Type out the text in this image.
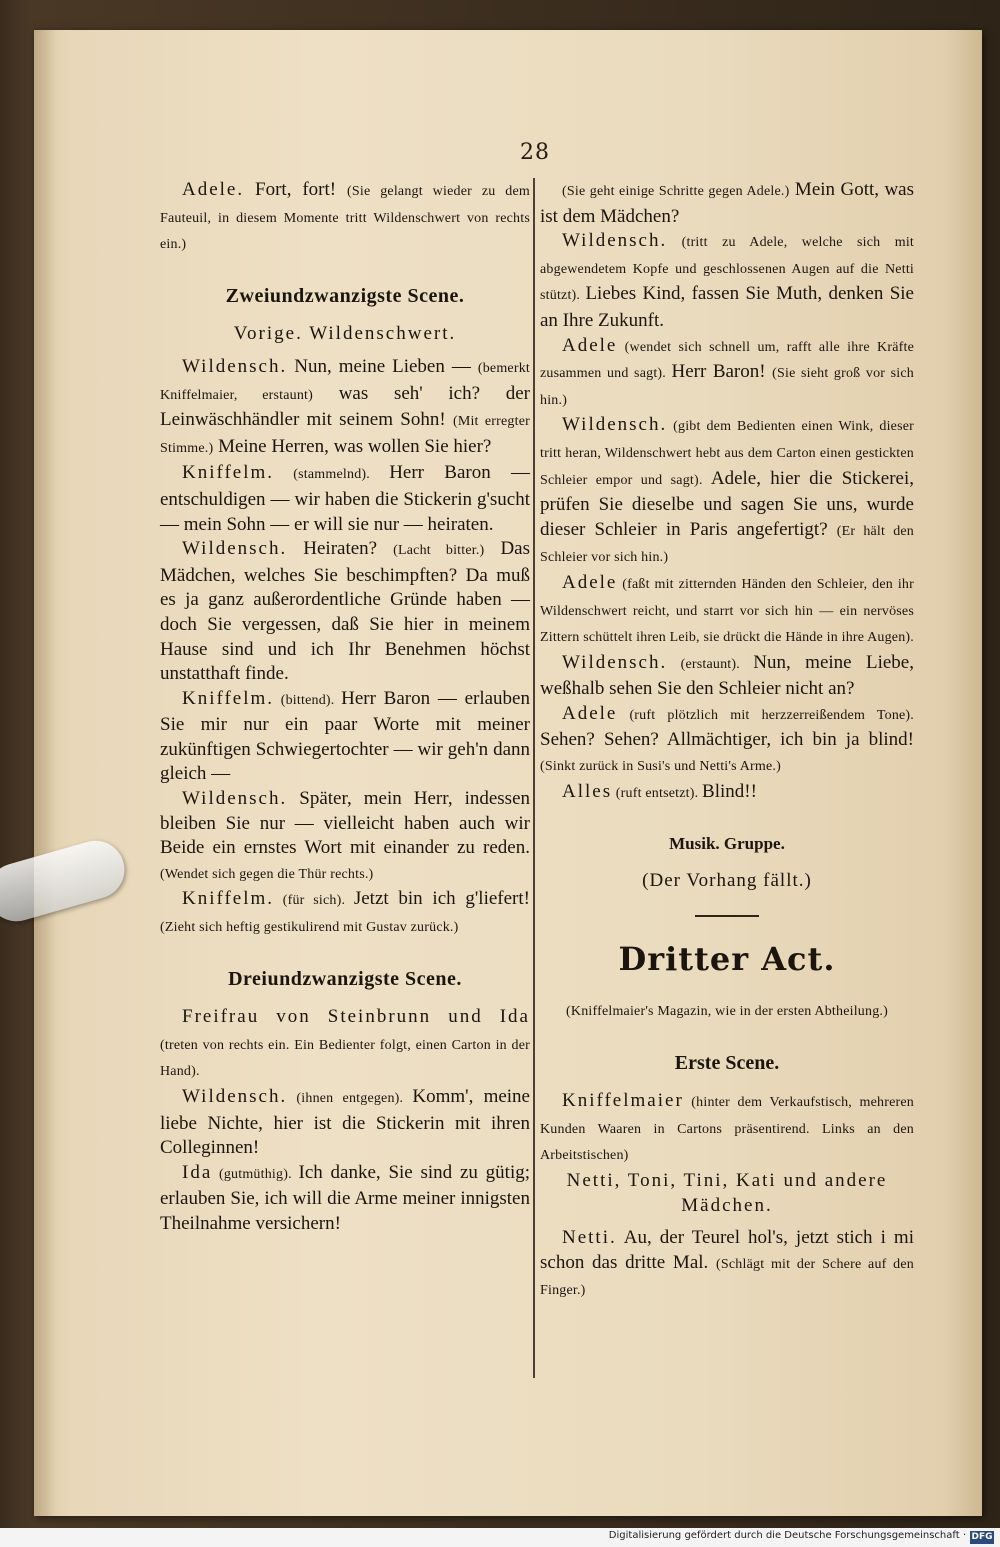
28

Adele. Fort, fort! (Sie gelangt wieder zu dem Fauteuil, in diesem Momente tritt Wildenschwert von rechts ein.)

Zweiundzwanzigste Scene.

Vorige. Wildenschwert.

Wildensch. Nun, meine Lieben — (bemerkt Kniffelmaier, erstaunt) was seh' ich? der Leinwäschhändler mit seinem Sohn! (Mit erregter Stimme.) Meine Herren, was wollen Sie hier?

Kniffelm. (stammelnd). Herr Baron — entschuldigen — wir haben die Stickerin g'sucht — mein Sohn — er will sie nur — heiraten.

Wildensch. Heiraten? (Lacht bitter.) Das Mädchen, welches Sie beschimpften? Da muß es ja ganz außerordentliche Gründe haben — doch Sie vergessen, daß Sie hier in meinem Hause sind und ich Ihr Benehmen höchst unstatthaft finde.

Kniffelm. (bittend). Herr Baron — erlauben Sie mir nur ein paar Worte mit meiner zukünftigen Schwiegertochter — wir geh'n dann gleich —

Wildensch. Später, mein Herr, indessen bleiben Sie nur — vielleicht haben auch wir Beide ein ernstes Wort mit einander zu reden. (Wendet sich gegen die Thür rechts.)

Kniffelm. (für sich). Jetzt bin ich g'liefert! (Zieht sich heftig gestikulirend mit Gustav zurück.)

Dreiundzwanzigste Scene.

Freifrau von Steinbrunn und Ida (treten von rechts ein. Ein Bedienter folgt, einen Carton in der Hand).

Wildensch. (ihnen entgegen). Komm', meine liebe Nichte, hier ist die Stickerin mit ihren Colleginnen!

Ida (gutmüthig). Ich danke, Sie sind zu gütig; erlauben Sie, ich will die Arme meiner innigsten Theilnahme versichern!

(Sie geht einige Schritte gegen Adele.) Mein Gott, was ist dem Mädchen?

Wildensch. (tritt zu Adele, welche sich mit abgewendetem Kopfe und geschlossenen Augen auf die Netti stützt). Liebes Kind, fassen Sie Muth, denken Sie an Ihre Zukunft.

Adele (wendet sich schnell um, rafft alle ihre Kräfte zusammen und sagt). Herr Baron! (Sie sieht groß vor sich hin.)

Wildensch. (gibt dem Bedienten einen Wink, dieser tritt heran, Wildenschwert hebt aus dem Carton einen gestickten Schleier empor und sagt). Adele, hier die Stickerei, prüfen Sie dieselbe und sagen Sie uns, wurde dieser Schleier in Paris angefertigt? (Er hält den Schleier vor sich hin.)

Adele (faßt mit zitternden Händen den Schleier, den ihr Wildenschwert reicht, und starrt vor sich hin — ein nervöses Zittern schüttelt ihren Leib, sie drückt die Hände in ihre Augen).

Wildensch. (erstaunt). Nun, meine Liebe, weßhalb sehen Sie den Schleier nicht an?

Adele (ruft plötzlich mit herzzerreißendem Tone). Sehen? Sehen? Allmächtiger, ich bin ja blind! (Sinkt zurück in Susi's und Netti's Arme.)

Alles (ruft entsetzt). Blind!!

Musik. Gruppe.

(Der Vorhang fällt.)

Dritter Act.

(Kniffelmaier's Magazin, wie in der ersten Abtheilung.)

Erste Scene.

Kniffelmaier (hinter dem Verkaufstisch, mehreren Kunden Waaren in Cartons präsentirend. Links an den Arbeitstischen)

Netti, Toni, Tini, Kati und andere Mädchen.

Netti. Au, der Teurel hol's, jetzt stich i mi schon das dritte Mal. (Schlägt mit der Schere auf den Finger.)

Digitalisierung gefördert durch die Deutsche Forschungsgemeinschaft · DFG
